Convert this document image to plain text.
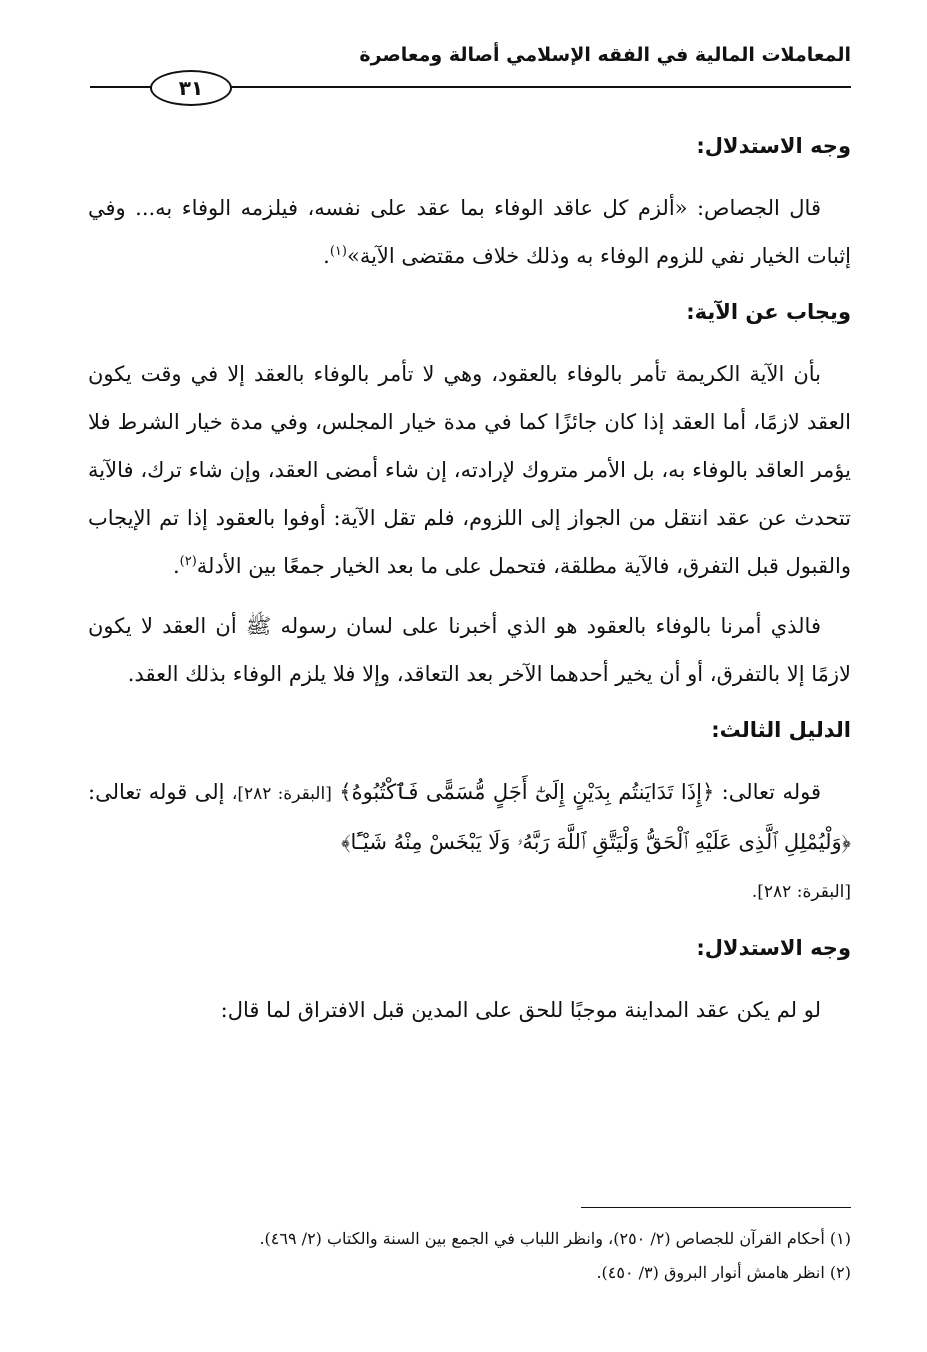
المعاملات المالية في الفقه الإسلامي أصالة ومعاصرة
٣١
وجه الاستدلال:

قال الجصاص: «ألزم كل عاقد الوفاء بما عقد على نفسه، فيلزمه الوفاء به... وفي إثبات الخيار نفي للزوم الوفاء به وذلك خلاف مقتضى الآية»$^{(١)}$.

ويجاب عن الآية:

بأن الآية الكريمة تأمر بالوفاء بالعقود، وهي لا تأمر بالوفاء بالعقد إلا في وقت يكون العقد لازمًا، أما العقد إذا كان جائزًا كما في مدة خيار المجلس، وفي مدة خيار الشرط فلا يؤمر العاقد بالوفاء به، بل الأمر متروك لإرادته، إن شاء أمضى العقد، وإن شاء ترك، فالآية تتحدث عن عقد انتقل من الجواز إلى اللزوم، فلم تقل الآية: أوفوا بالعقود إذا تم الإيجاب والقبول قبل التفرق، فالآية مطلقة، فتحمل على ما بعد الخيار جمعًا بين الأدلة$^{(٢)}$.

فالذي أمرنا بالوفاء بالعقود هو الذي أخبرنا على لسان رسوله ﷺ أن العقد لا يكون لازمًا إلا بالتفرق، أو أن يخير أحدهما الآخر بعد التعاقد، وإلا فلا يلزم الوفاء بذلك العقد.

الدليل الثالث:

قوله تعالى: ﴿إِذَا تَدَايَنتُم بِدَيْنٍ إِلَىٰٓ أَجَلٍ مُّسَمًّى فَٱكْتُبُوهُ﴾ [البقرة: ٢٨٢]، إلى قوله تعالى: ﴿وَلْيُمْلِلِ ٱلَّذِى عَلَيْهِ ٱلْحَقُّ وَلْيَتَّقِ ٱللَّهَ رَبَّهُۥ وَلَا يَبْخَسْ مِنْهُ شَيْـًٔا﴾
[البقرة: ٢٨٢].

وجه الاستدلال:

لو لم يكن عقد المداينة موجبًا للحق على المدين قبل الافتراق لما قال:

(١) أحكام القرآن للجصاص (٢/ ٢٥٠)، وانظر اللباب في الجمع بين السنة والكتاب (٢/ ٤٦٩).
(٢) انظر هامش أنوار البروق (٣/ ٤٥٠).
